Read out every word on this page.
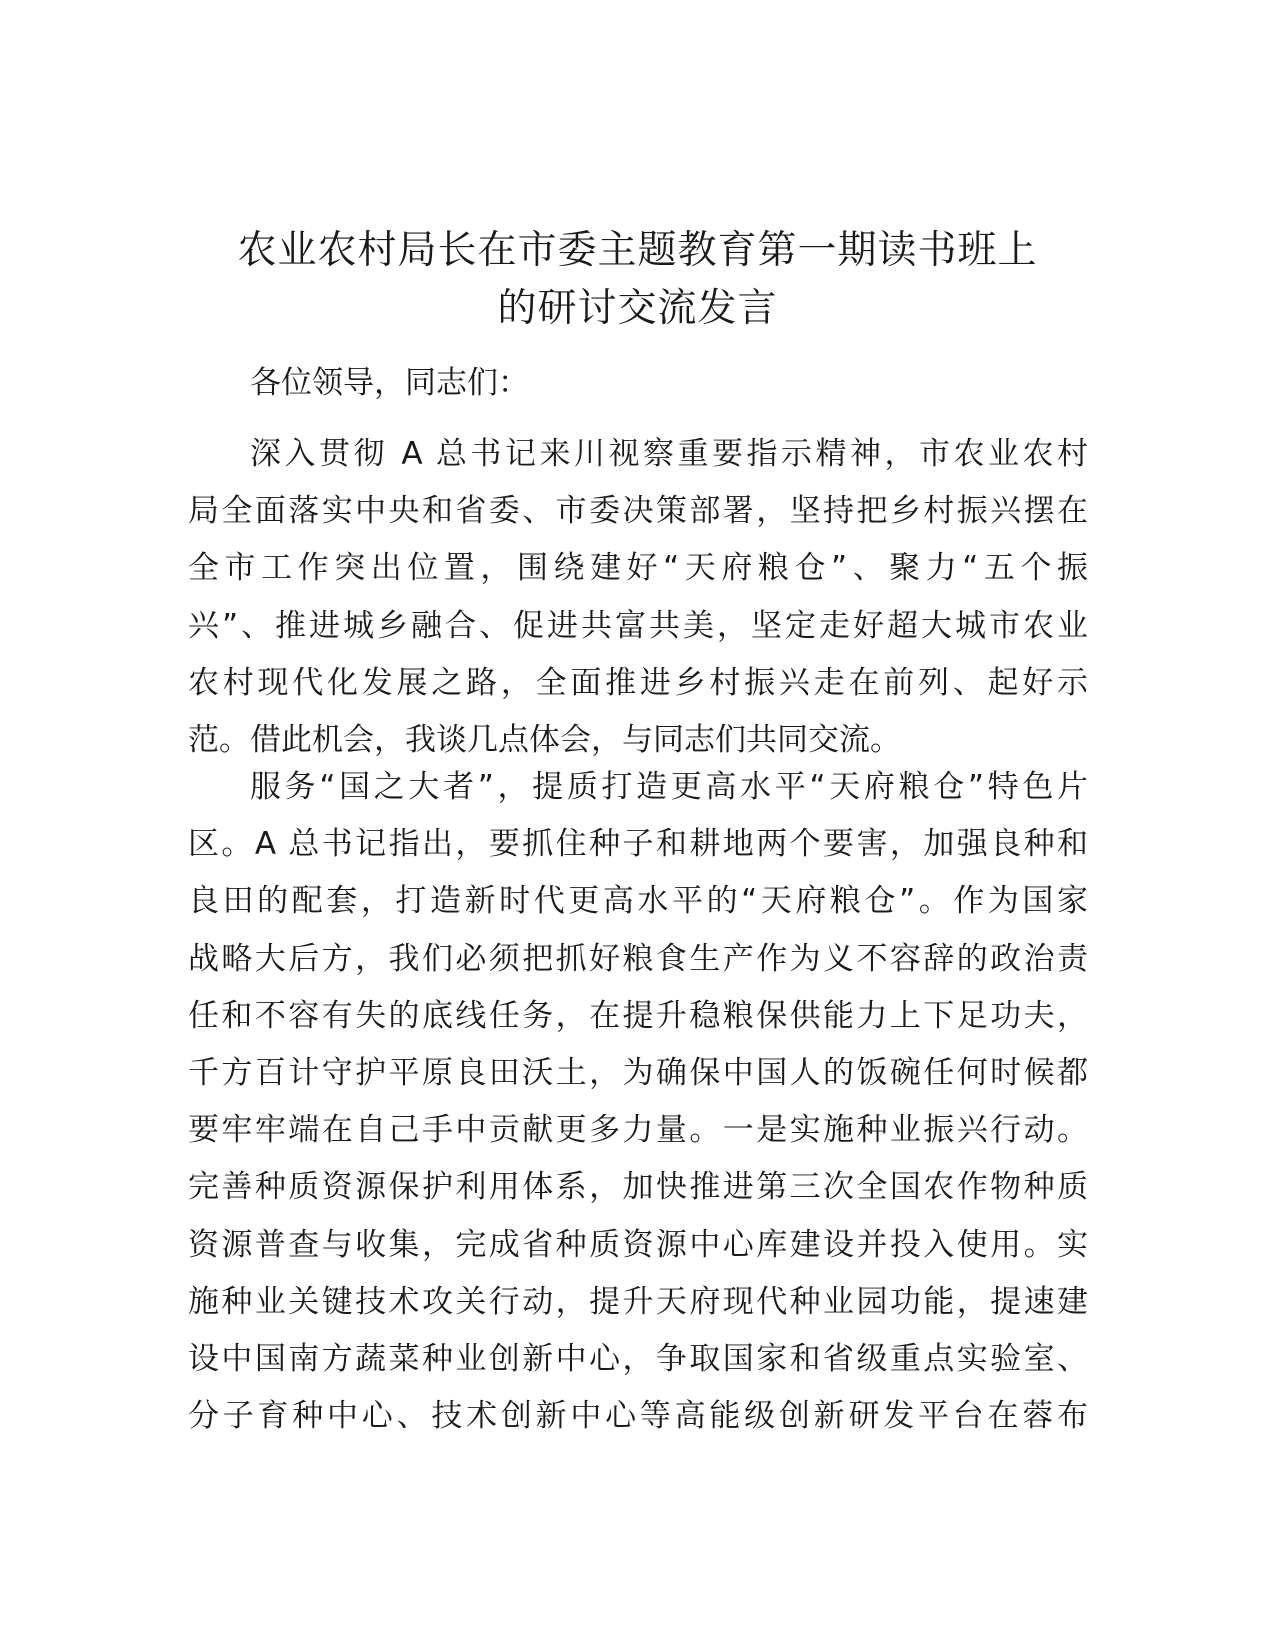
农业农村局长在市委主题教育第一期读书班上
的研讨交流发言
各位领导，同志们：
深入贯彻 A 总书记来川视察重要指示精神，市农业农村
局全面落实中央和省委、市委决策部署，坚持把乡村振兴摆在
全市工作突出位置，围绕建好“天府粮仓”、聚力“五个振
兴”、推进城乡融合、促进共富共美，坚定走好超大城市农业
农村现代化发展之路，全面推进乡村振兴走在前列、起好示
范。借此机会，我谈几点体会，与同志们共同交流。
服务“国之大者”，提质打造更高水平“天府粮仓”特色片
区。A 总书记指出，要抓住种子和耕地两个要害，加强良种和
良田的配套，打造新时代更高水平的“天府粮仓”。作为国家
战略大后方，我们必须把抓好粮食生产作为义不容辞的政治责
任和不容有失的底线任务，在提升稳粮保供能力上下足功夫，
千方百计守护平原良田沃土，为确保中国人的饭碗任何时候都
要牢牢端在自己手中贡献更多力量。一是实施种业振兴行动。
完善种质资源保护利用体系，加快推进第三次全国农作物种质
资源普查与收集，完成省种质资源中心库建设并投入使用。实
施种业关键技术攻关行动，提升天府现代种业园功能，提速建
设中国南方蔬菜种业创新中心，争取国家和省级重点实验室、
分子育种中心、技术创新中心等高能级创新研发平台在蓉布
